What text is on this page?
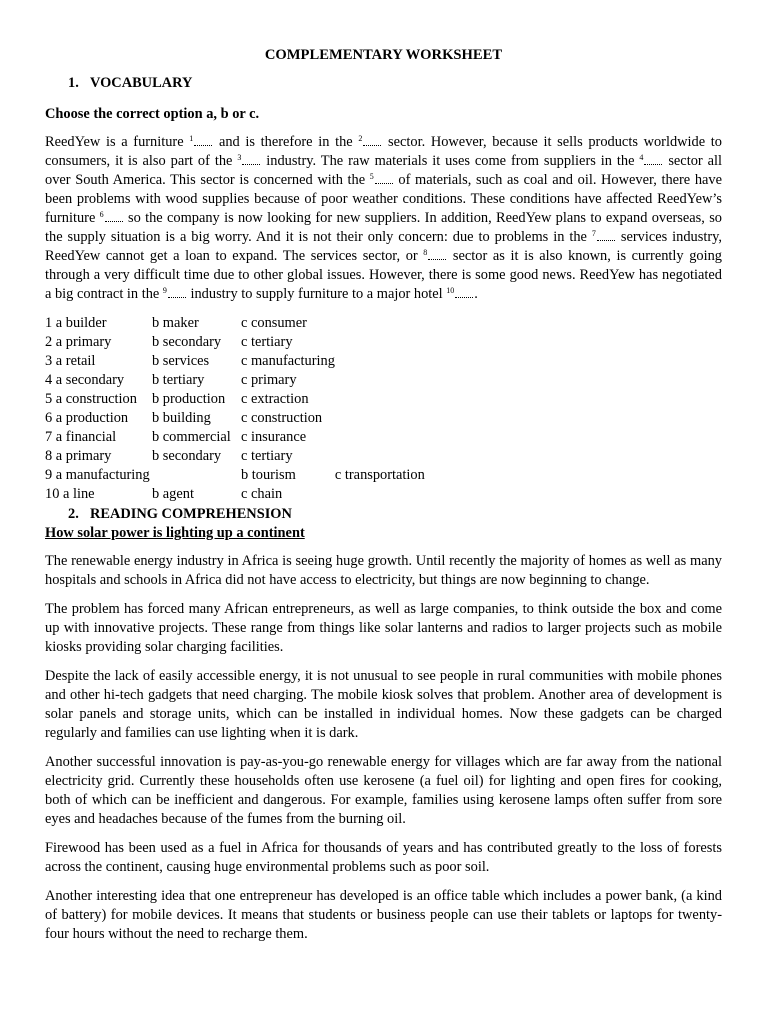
COMPLEMENTARY WORKSHEET

1. VOCABULARY

Choose the correct option a, b or c.

ReedYew is a furniture $^1$ and is therefore in the $^2$ sector. However, because it sells products worldwide to consumers, it is also part of the $^3$ industry. The raw materials it uses come from suppliers in the $^4$ sector all over South America. This sector is concerned with the $^5$ of materials, such as coal and oil. However, there have been problems with wood supplies because of poor weather conditions. These conditions have affected ReedYew’s furniture $^6$ so the company is now looking for new suppliers. In addition, ReedYew plans to expand overseas, so the supply situation is a big worry. And it is not their only concern: due to problems in the $^7$ services industry, ReedYew cannot get a loan to expand. The services sector, or $^8$ sector as it is also known, is currently going through a very difficult time due to other global issues. However, there is some good news. ReedYew has negotiated a big contract in the $^9$ industry to supply furniture to a major hotel $^{10}$ .

1 a builder	b maker	c consumer	
2 a primary	b secondary	c tertiary	
3 a retail	b services	c manufacturing	
4 a secondary	b tertiary	c primary	
5 a construction	b production	c extraction	
6 a production	b building	c construction	
7 a financial	b commercial	c insurance	
8 a primary	b secondary	c tertiary	
9 a manufacturing		b tourism	c transportation
10 a line	b agent	c chain	

2. READING COMPREHENSION

How solar power is lighting up a continent

The renewable energy industry in Africa is seeing huge growth. Until recently the majority of homes as well as many hospitals and schools in Africa did not have access to electricity, but things are now beginning to change.

The problem has forced many African entrepreneurs, as well as large companies, to think outside the box and come up with innovative projects. These range from things like solar lanterns and radios to larger projects such as mobile kiosks providing solar charging facilities.

Despite the lack of easily accessible energy, it is not unusual to see people in rural communities with mobile phones and other hi-tech gadgets that need charging. The mobile kiosk solves that problem. Another area of development is solar panels and storage units, which can be installed in individual homes. Now these gadgets can be charged regularly and families can use lighting when it is dark.

Another successful innovation is pay-as-you-go renewable energy for villages which are far away from the national electricity grid. Currently these households often use kerosene (a fuel oil) for lighting and open fires for cooking, both of which can be inefficient and dangerous. For example, families using kerosene lamps often suffer from sore eyes and headaches because of the fumes from the burning oil.

Firewood has been used as a fuel in Africa for thousands of years and has contributed greatly to the loss of forests across the continent, causing huge environmental problems such as poor soil.

Another interesting idea that one entrepreneur has developed is an office table which includes a power bank, (a kind of battery) for mobile devices. It means that students or business people can use their tablets or laptops for twenty-four hours without the need to recharge them.
